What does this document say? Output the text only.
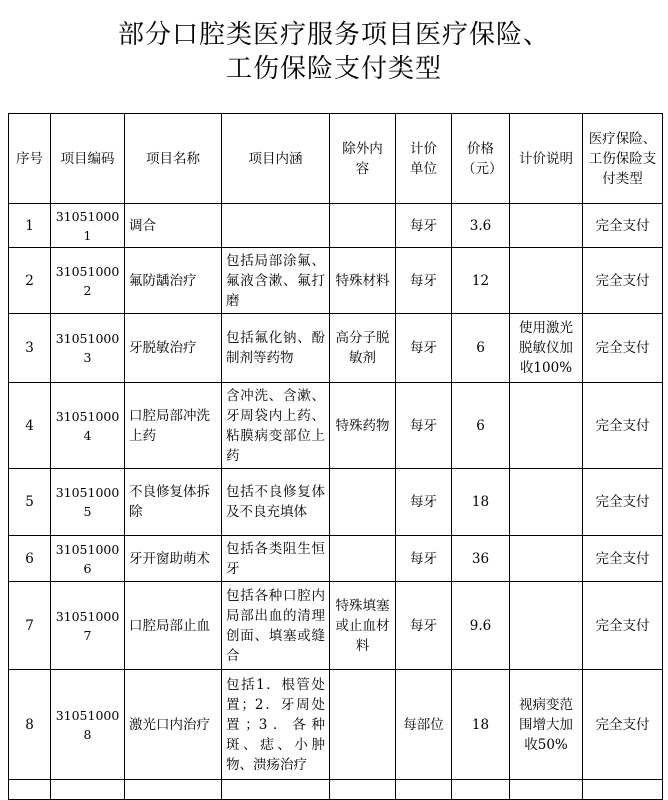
部分口腔类医疗服务项目医疗保险、
工伤保险支付类型
序号	项目编码	项目名称	项目内涵	除外内容	计价单位	价格（元）	计价说明	医疗保险、工伤保险支付类型
1	310510001	调合			每牙	3.6		完全支付
2	310510002	氟防龋治疗	包括局部涂氟、氟液含漱、氟打磨	特殊材料	每牙	12		完全支付
3	310510003	牙脱敏治疗	包括氟化钠、酚制剂等药物	高分子脱敏剂	每牙	6	使用激光脱敏仪加收100%	完全支付
4	310510004	口腔局部冲洗上药	含冲洗、含漱、牙周袋内上药、粘膜病变部位上药	特殊药物	每牙	6		完全支付
5	310510005	不良修复体拆除	包括不良修复体及不良充填体		每牙	18		完全支付
6	310510006	牙开窗助萌术	包括各类阻生恒牙		每牙	36		完全支付
7	310510007	口腔局部止血	包括各种口腔内局部出血的清理创面、填塞或缝合	特殊填塞或止血材料	每牙	9.6		完全支付
8	310510008	激光口内治疗	包括1．根管处置；2．牙周处置；3．各种斑、痣、小肿物、溃疡治疗		每部位	18	视病变范围增大加收50%	完全支付
